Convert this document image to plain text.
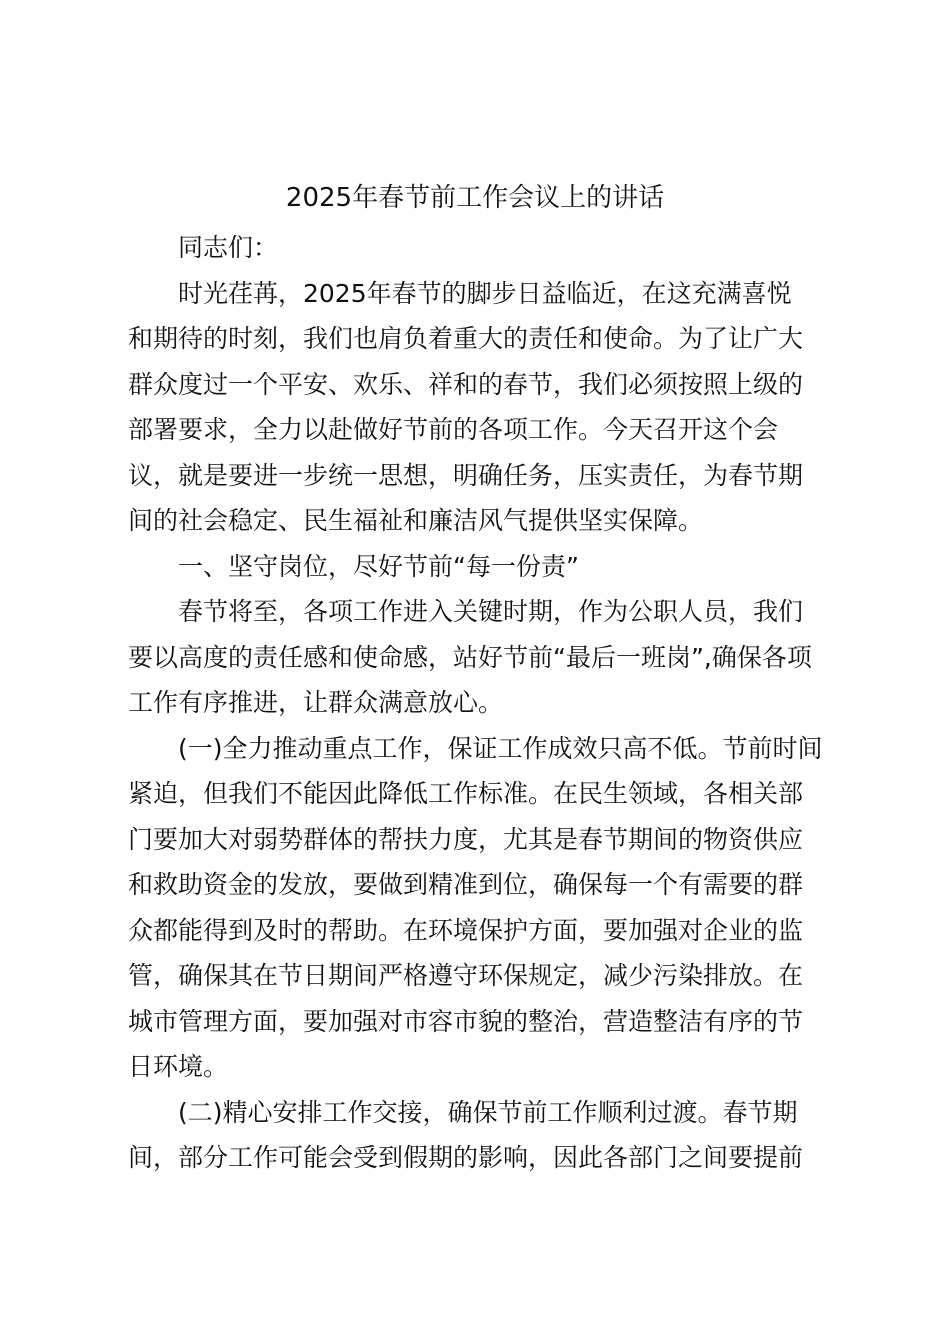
2025年春节前工作会议上的讲话
同志们：
时光荏苒，2025年春节的脚步日益临近，在这充满喜悦
和期待的时刻，我们也肩负着重大的责任和使命。为了让广大
群众度过一个平安、欢乐、祥和的春节，我们必须按照上级的
部署要求，全力以赴做好节前的各项工作。今天召开这个会
议，就是要进一步统一思想，明确任务，压实责任，为春节期
间的社会稳定、民生福祉和廉洁风气提供坚实保障。
一、坚守岗位，尽好节前“每一份责”
春节将至，各项工作进入关键时期，作为公职人员，我们
要以高度的责任感和使命感，站好节前“最后一班岗”,确保各项
工作有序推进，让群众满意放心。
(一)全力推动重点工作，保证工作成效只高不低。节前时间
紧迫，但我们不能因此降低工作标准。在民生领域，各相关部
门要加大对弱势群体的帮扶力度，尤其是春节期间的物资供应
和救助资金的发放，要做到精准到位，确保每一个有需要的群
众都能得到及时的帮助。在环境保护方面，要加强对企业的监
管，确保其在节日期间严格遵守环保规定，减少污染排放。在
城市管理方面，要加强对市容市貌的整治，营造整洁有序的节
日环境。
(二)精心安排工作交接，确保节前工作顺利过渡。春节期
间，部分工作可能会受到假期的影响，因此各部门之间要提前
